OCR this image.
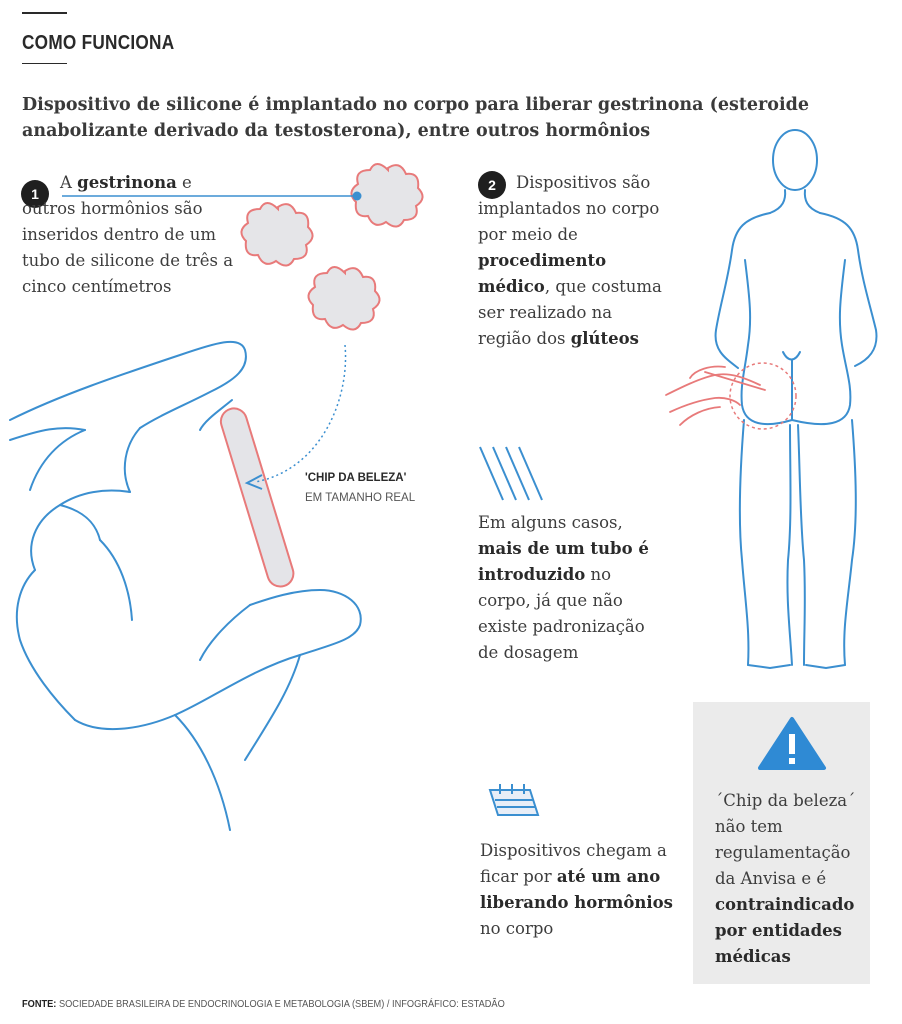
COMO FUNCIONA
Dispositivo de silicone é implantado no corpo para liberar gestrinona (esteroide anabolizante derivado da testosterona), entre outros hormônios
1
A gestrinona e outros hormônios são inseridos dentro de um tubo de silicone de três a cinco centímetros
2	Dispositivos são implantados no corpo por meio de procedimento médico, que costuma ser realizado na região dos glúteos
'CHIP DA BELEZA'
EM TAMANHO REAL
Em alguns casos, mais de um tubo é introduzido no corpo, já que não existe padronização de dosagem
Dispositivos chegam a ficar por até um ano liberando hormônios no corpo
´Chip da beleza´ não tem regulamentação da Anvisa e é contraindicado por entidades médicas
FONTE: SOCIEDADE BRASILEIRA DE ENDOCRINOLOGIA E METABOLOGIA (SBEM) / INFOGRÁFICO: ESTADÃO
